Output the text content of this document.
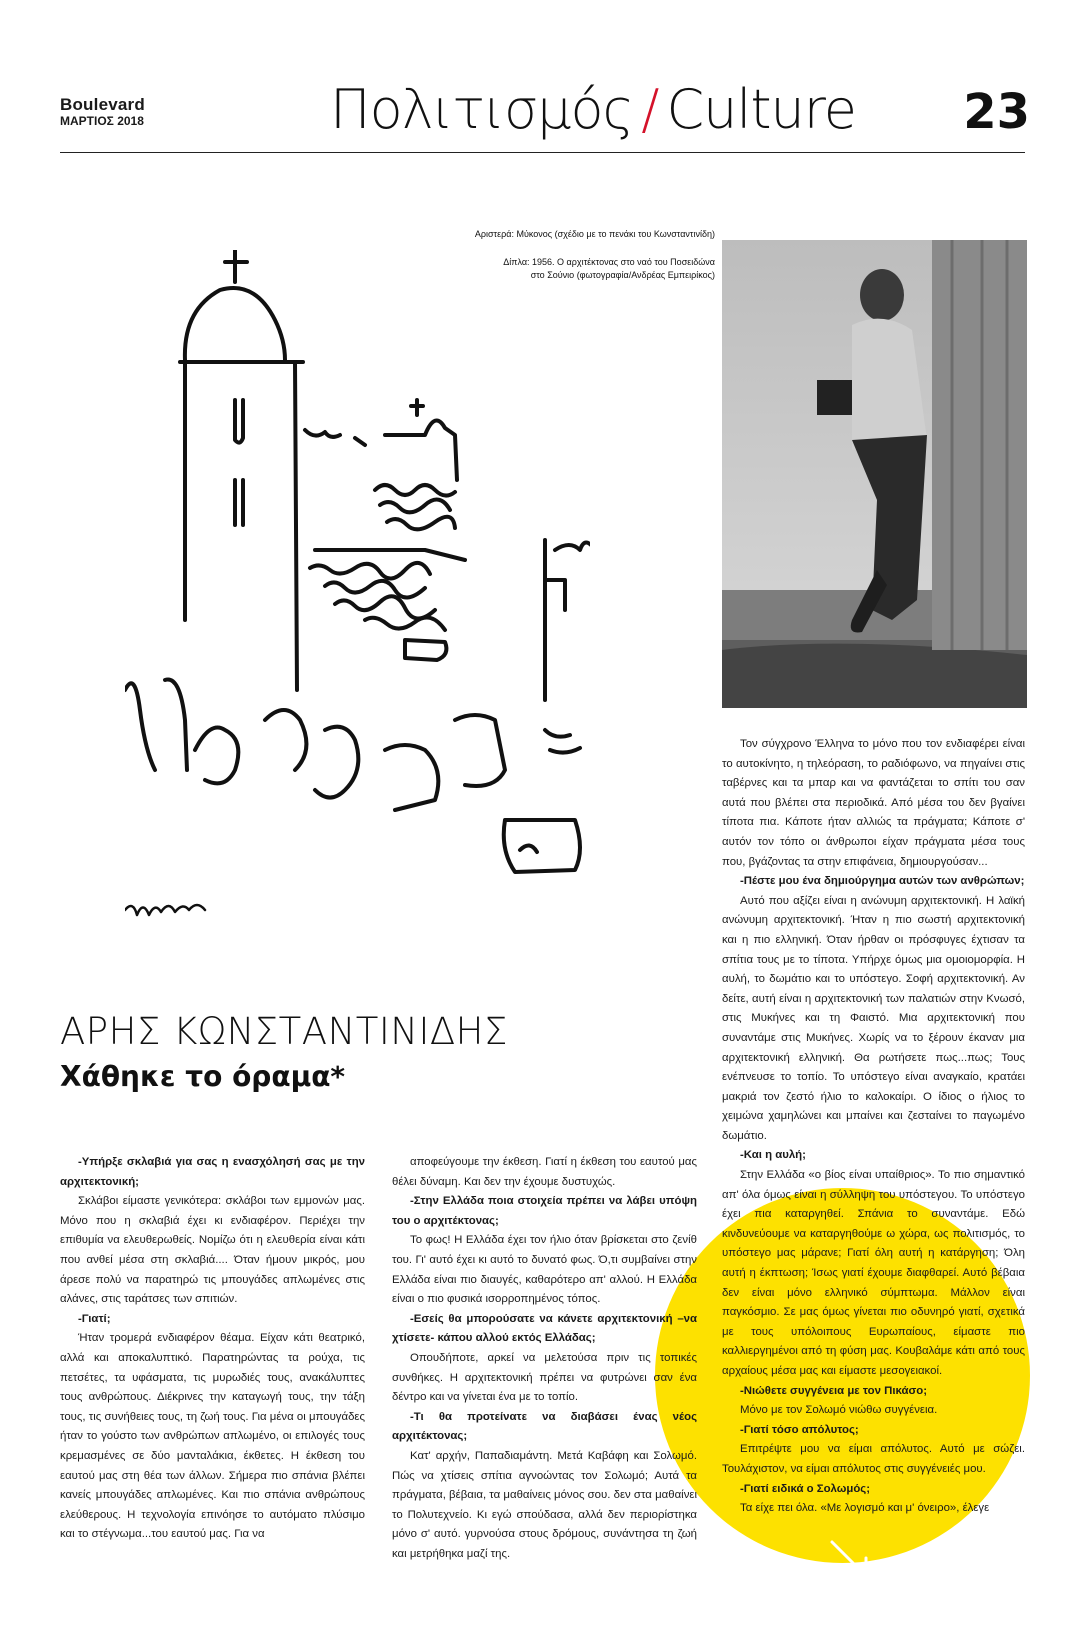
Boulevard
ΜΑΡΤΙΟΣ 2018	Πολιτισμός / Culture 23
Αριστερά: Μύκονος (σχέδιο με το πενάκι του Κωνσταντινίδη)
Δίπλα: 1956. Ο αρχιτέκτονας στο ναό του Ποσειδώνα
στο Σούνιο (φωτογραφία/Ανδρέας Εμπειρίκος)
ΑΡΗΣ ΚΩΝΣΤΑΝΤΙΝΙΔΗΣ
Χάθηκε το όραμα*

-Υπήρξε σκλαβιά για σας η ενασχόλησή σας με την αρχιτεκτονική;

Σκλάβοι είμαστε γενικότερα: σκλάβοι των εμμονών μας. Μόνο που η σκλαβιά έχει κι ενδιαφέρον. Περιέχει την επιθυμία να ελευθερωθείς. Νομίζω ότι η ελευθερία είναι κάτι που ανθεί μέσα στη σκλαβιά.... Όταν ήμουν μικρός, μου άρεσε πολύ να παρατηρώ τις μπουγάδες απλωμένες στις αλάνες, στις ταράτσες των σπιτιών.

-Γιατί;

Ήταν τρομερά ενδιαφέρον θέαμα. Είχαν κάτι θεατρικό, αλλά και αποκαλυπτικό. Παρατηρώντας τα ρούχα, τις πετσέτες, τα υφάσματα, τις μυρωδιές τους, ανακάλυπτες τους ανθρώπους. Διέκρινες την καταγωγή τους, την τάξη τους, τις συνήθειες τους, τη ζωή τους. Για μένα οι μπουγάδες ήταν το γούστο των ανθρώπων απλωμένο, οι επιλογές τους κρεμασμένες σε δύο μανταλάκια, έκθετες. Η έκθεση του εαυτού μας στη θέα των άλλων. Σήμερα πιο σπάνια βλέπει κανείς μπουγάδες απλωμένες. Και πιο σπάνια ανθρώπους ελεύθερους. Η τεχνολογία επινόησε το αυτόματο πλύσιμο και το στέγνωμα...του εαυτού μας. Για να

αποφεύγουμε την έκθεση. Γιατί η έκθεση του εαυτού μας θέλει δύναμη. Και δεν την έχουμε δυστυχώς.

-Στην Ελλάδα ποια στοιχεία πρέπει να λάβει υπόψη του ο αρχιτέκτονας;

Το φως! Η Ελλάδα έχει τον ήλιο όταν βρίσκεται στο ζενίθ του. Γι' αυτό έχει κι αυτό το δυνατό φως. Ό,τι συμβαίνει στην Ελλάδα είναι πιο διαυγές, καθαρότερο απ' αλλού. Η Ελλάδα είναι ο πιο φυσικά ισορροπημένος τόπος.

-Εσείς θα μπορούσατε να κάνετε αρχιτεκτονική –να χτίσετε- κάπου αλλού εκτός Ελλάδας;

Οπουδήποτε, αρκεί να μελετούσα πριν τις τοπικές συνθήκες. Η αρχιτεκτονική πρέπει να φυτρώνει σαν ένα δέντρο και να γίνεται ένα με το τοπίο.

-Τι θα προτείνατε να διαβάσει ένας νέος αρχιτέκτονας;

Κατ' αρχήν, Παπαδιαμάντη. Μετά Καβάφη και Σολωμό. Πώς να χτίσεις σπίτια αγνοώντας τον Σολωμό; Αυτά τα πράγματα, βέβαια, τα μαθαίνεις μόνος σου. δεν στα μαθαίνει το Πολυτεχνείο. Κι εγώ σπούδασα, αλλά δεν περιορίστηκα μόνο σ' αυτό. γυρνούσα στους δρόμους, συνάντησα τη ζωή και μετρήθηκα μαζί της.

Τον σύγχρονο Έλληνα το μόνο που τον ενδιαφέρει είναι το αυτοκίνητο, η τηλεόραση, το ραδιόφωνο, να πηγαίνει στις ταβέρνες και τα μπαρ και να φαντάζεται το σπίτι του σαν αυτά που βλέπει στα περιοδικά. Από μέσα του δεν βγαίνει τίποτα πια. Κάποτε ήταν αλλιώς τα πράγματα; Κάποτε σ' αυτόν τον τόπο οι άνθρωποι είχαν πράγματα μέσα τους που, βγάζοντας τα στην επιφάνεια, δημιουργούσαν...

-Πέστε μου ένα δημιούργημα αυτών των ανθρώπων;

Αυτό που αξίζει είναι η ανώνυμη αρχιτεκτονική. Η λαϊκή ανώνυμη αρχιτεκτονική. Ήταν η πιο σωστή αρχιτεκτονική και η πιο ελληνική. Όταν ήρθαν οι πρόσφυγες έχτισαν τα σπίτια τους με το τίποτα. Υπήρχε όμως μια ομοιομορφία. Η αυλή, το δωμάτιο και το υπόστεγο. Σοφή αρχιτεκτονική. Αν δείτε, αυτή είναι η αρχιτεκτονική των παλατιών στην Κνωσό, στις Μυκήνες και τη Φαιστό. Μια αρχιτεκτονική που συναντάμε στις Μυκήνες. Χωρίς να το ξέρουν έκαναν μια αρχιτεκτονική ελληνική. Θα ρωτήσετε πως...πως; Τους ενέπνευσε το τοπίο. Το υπόστεγο είναι αναγκαίο, κρατάει μακριά τον ζεστό ήλιο το καλοκαίρι. Ο ίδιος ο ήλιος το χειμώνα χαμηλώνει και μπαίνει και ζεσταίνει το παγωμένο δωμάτιο.

-Και η αυλή;

Στην Ελλάδα «ο βίος είναι υπαίθριος». Το πιο σημαντικό απ' όλα όμως είναι η σύλληψη του υπόστεγου. Το υπόστεγο έχει πια καταργηθεί. Σπάνια το συναντάμε. Εδώ κινδυνεύουμε να καταργηθούμε ω χώρα, ως πολιτισμός, το υπόστεγο μας μάρανε; Γιατί όλη αυτή η κατάργηση; Όλη αυτή η έκπτωση; Ίσως γιατί έχουμε διαφθαρεί. Αυτό βέβαια δεν είναι μόνο ελληνικό σύμπτωμα. Μάλλον είναι παγκόσμιο. Σε μας όμως γίνεται πιο οδυνηρό γιατί, σχετικά με τους υπόλοιπους Ευρωπαίους, είμαστε πιο καλλιεργημένοι από τη φύση μας. Κουβαλάμε κάτι από τους αρχαίους μέσα μας και είμαστε μεσογειακοί.

-Νιώθετε συγγένεια με τον Πικάσο;

Μόνο με τον Σολωμό νιώθω συγγένεια.

-Γιατί τόσο απόλυτος;

Επιτρέψτε μου να είμαι απόλυτος. Αυτό με σώζει. Τουλάχιστον, να είμαι απόλυτος στις συγγένειές μου.

-Γιατί ειδικά ο Σολωμός;

Τα είχε πει όλα. «Με λογισμό και μ' όνειρο», έλεγε
